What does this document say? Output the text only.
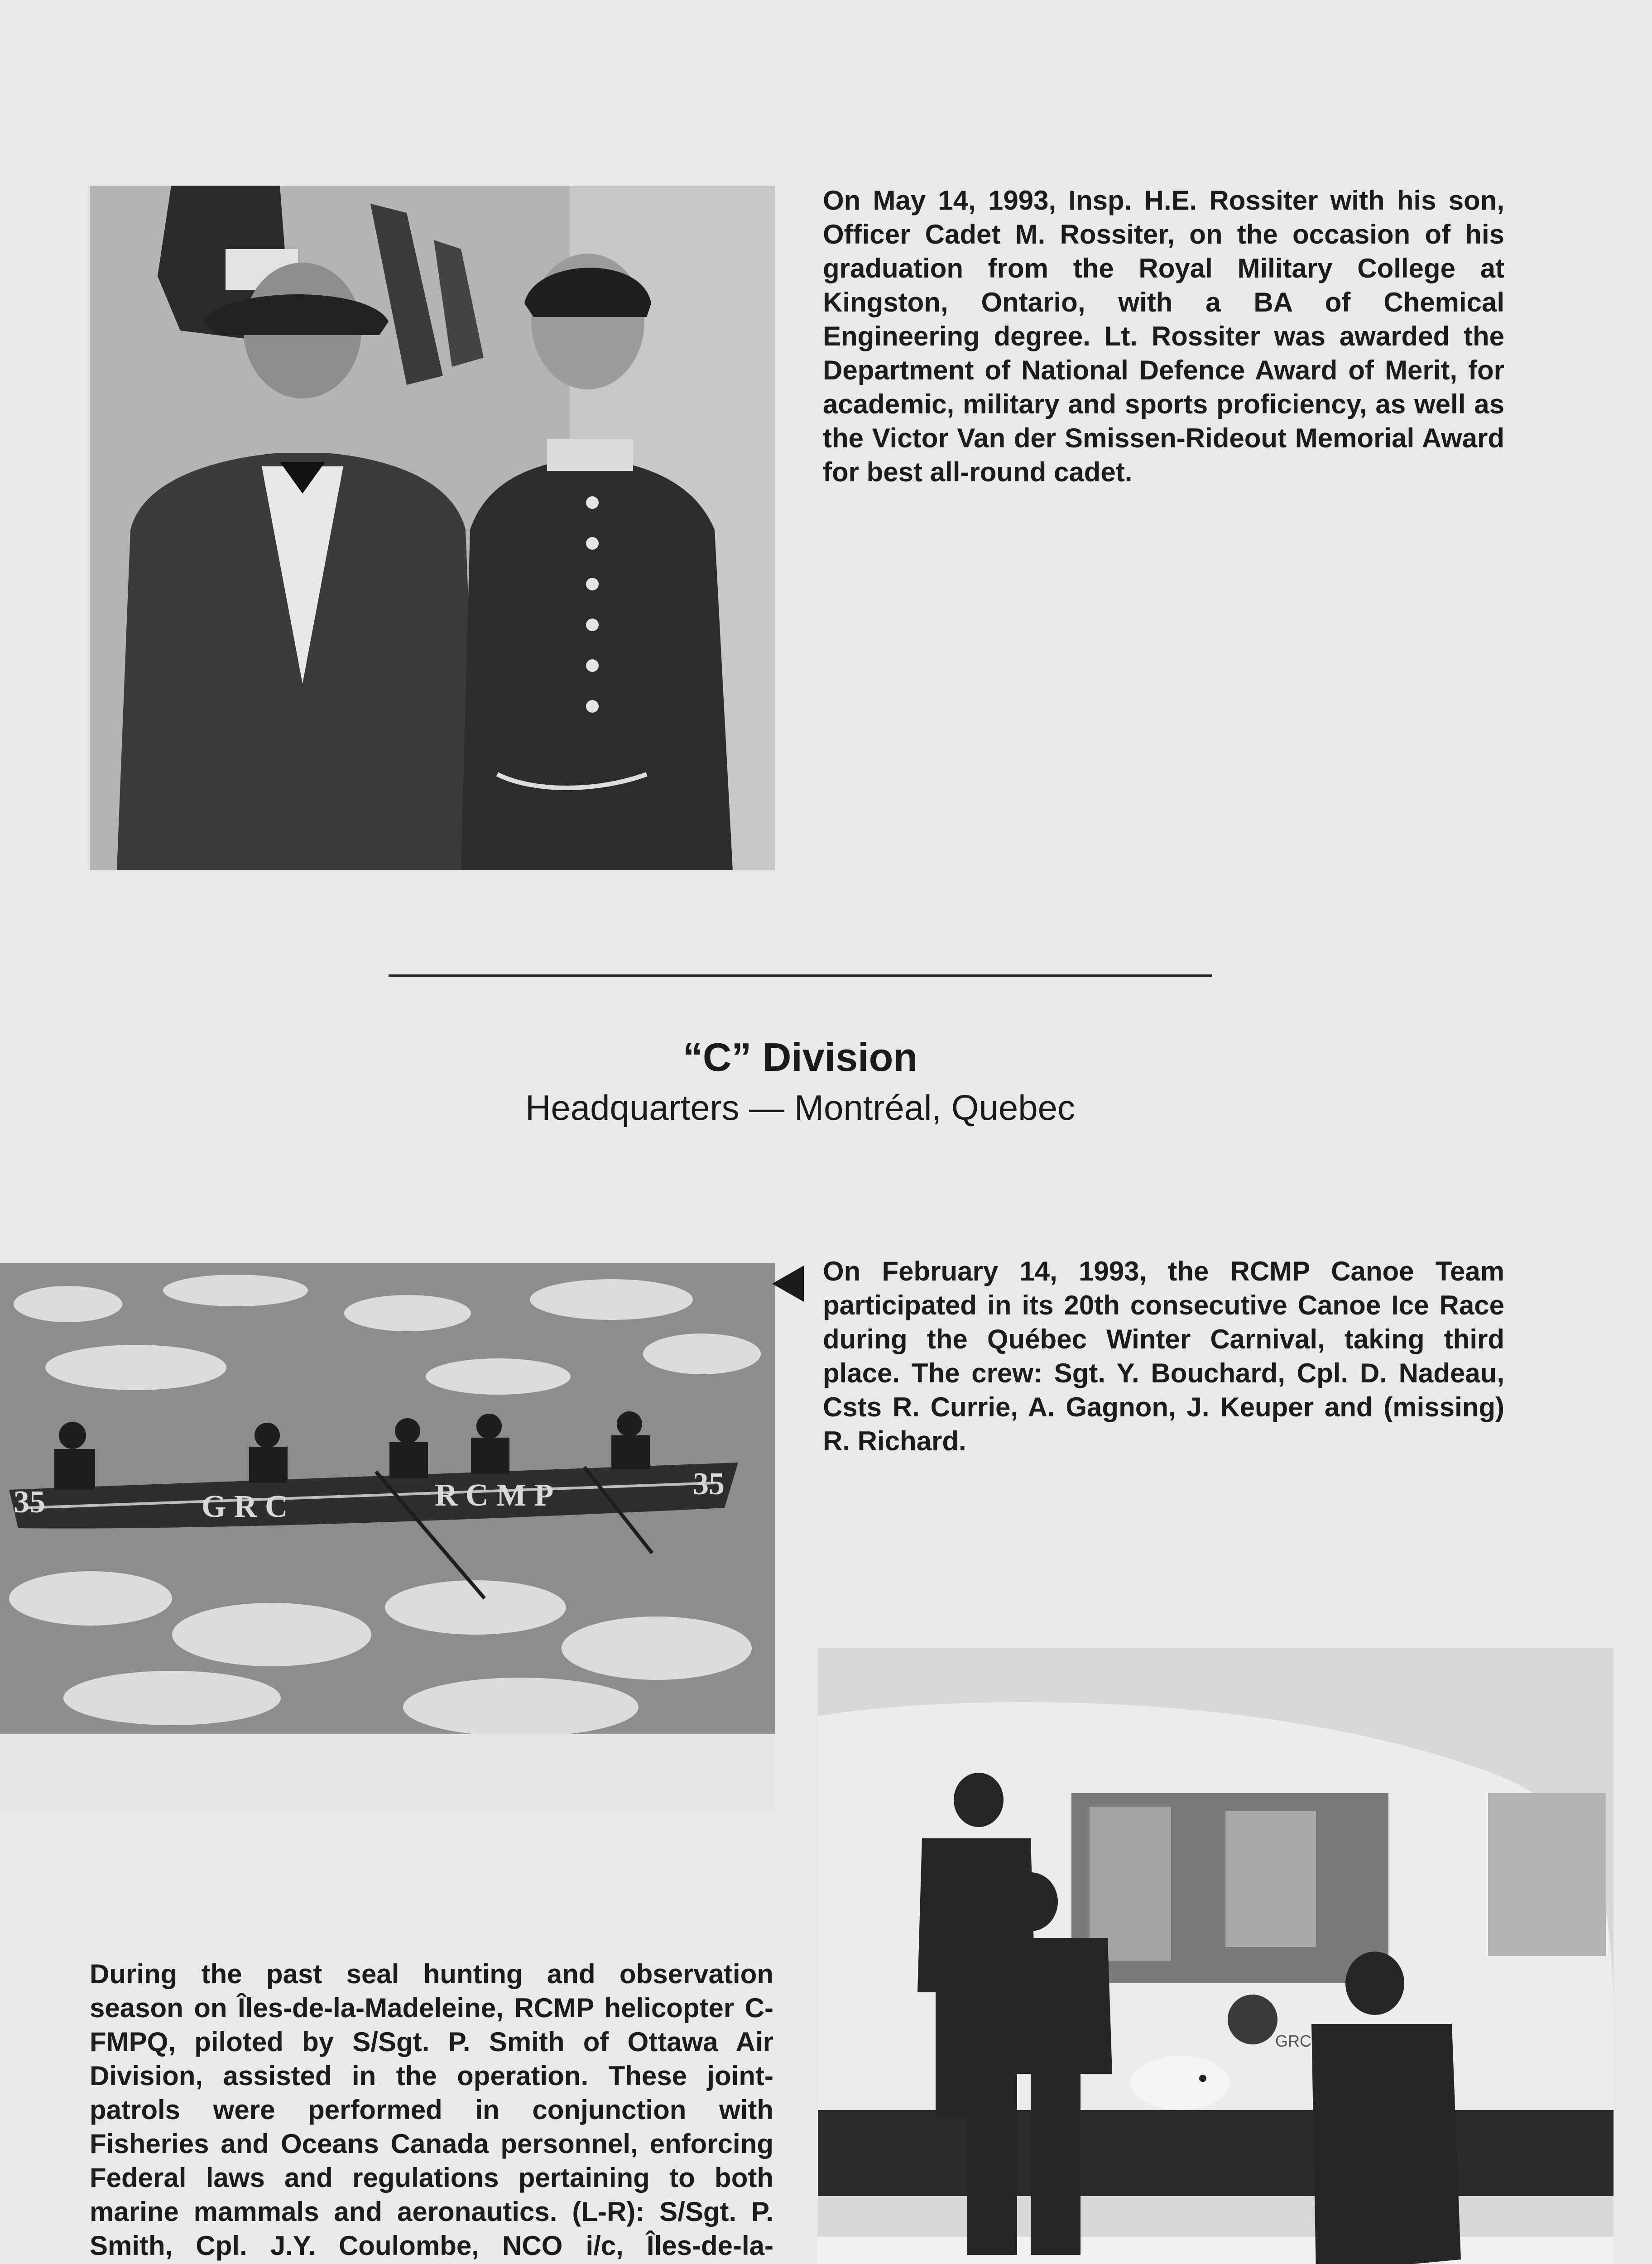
On May 14, 1993, Insp. H.E. Rossiter with his son, Officer Cadet M. Rossiter, on the occasion of his graduation from the Royal Military College at Kingston, Ontario, with a BA of Chemical Engineering degree. Lt. Rossiter was awarded the Department of National Defence Award of Merit, for academic, military and sports proficiency, as well as the Victor Van der Smissen-Rideout Memorial Award for best all-round cadet.

“C” Division

Headquarters — Montréal, Quebec

35	G R C	R C M P	35

On February 14, 1993, the RCMP Canoe Team participated in its 20th consecutive Canoe Ice Race during the Québec Winter Carnival, taking third place. The crew: Sgt. Y. Bouchard, Cpl. D. Nadeau, Csts R. Currie, A. Gagnon, J. Keuper and (missing) R. Richard.

GRC

During the past seal hunting and observation season on Îles-de-la-Madeleine, RCMP helicopter C-FMPQ, piloted by S/Sgt. P. Smith of Ottawa Air Division, assisted in the operation. These joint-patrols were performed in conjunction with Fisheries and Oceans Canada personnel, enforcing Federal laws and regulations pertaining to both marine mammals and aeronautics. (L-R): S/Sgt. P. Smith, Cpl. J.Y. Coulombe, NCO i/c, Îles-de-la-
